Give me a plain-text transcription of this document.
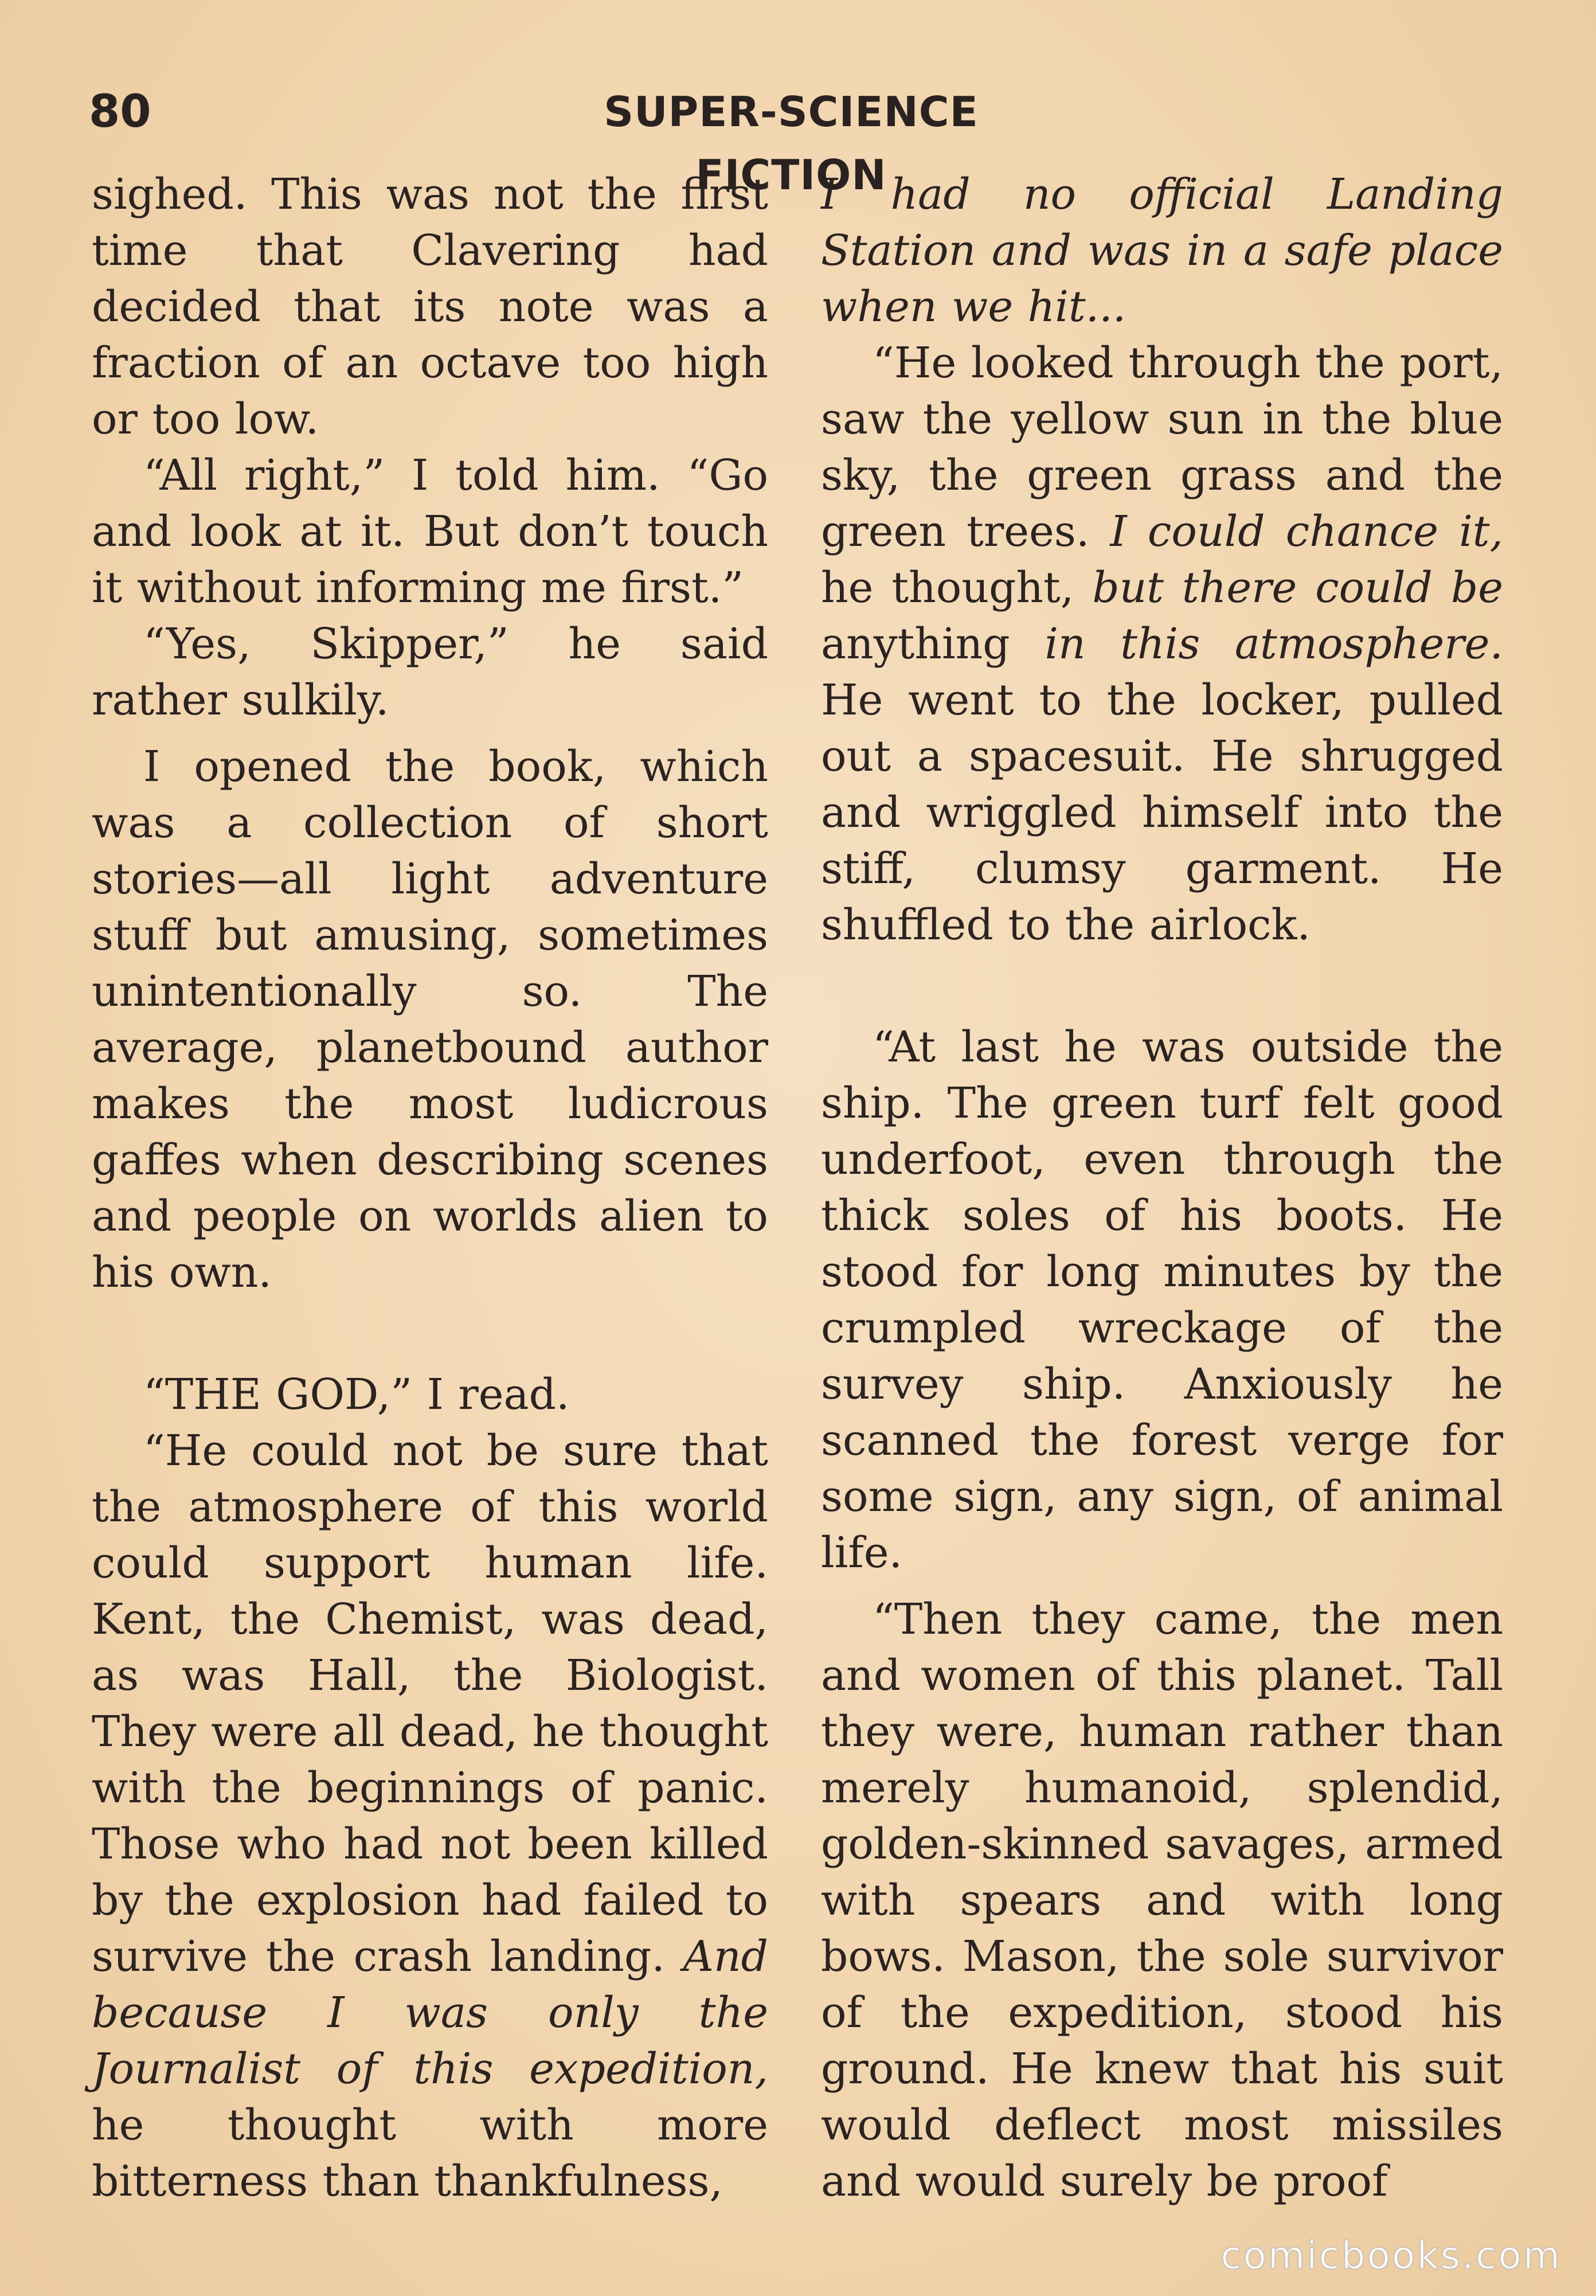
80	SUPER-SCIENCE FICTION

sighed. This was not the first time that Clavering had decided that its note was a fraction of an octave too high or too low.

“All right,” I told him. “Go and look at it. But don’t touch it without informing me first.”

“Yes, Skipper,” he said rather sulkily.

I opened the book, which was a collection of short stories—all light adventure stuff but amusing, sometimes unintentionally so. The average, planetbound author makes the most ludicrous gaffes when describing scenes and people on worlds alien to his own.

“THE GOD,” I read.

“He could not be sure that the atmosphere of this world could support human life. Kent, the Chemist, was dead, as was Hall, the Biologist. They were all dead, he thought with the beginnings of panic. Those who had not been killed by the explosion had failed to survive the crash landing. And because I was only the Journalist of this expedition, he thought with more bitterness than thankfulness,

I had no official Landing Station and was in a safe place when we hit...

“He looked through the port, saw the yellow sun in the blue sky, the green grass and the green trees. I could chance it, he thought, but there could be anything in this atmosphere. He went to the locker, pulled out a spacesuit. He shrugged and wriggled himself into the stiff, clumsy garment. He shuffled to the airlock.

“At last he was outside the ship. The green turf felt good underfoot, even through the thick soles of his boots. He stood for long minutes by the crumpled wreckage of the survey ship. Anxiously he scanned the forest verge for some sign, any sign, of animal life.

“Then they came, the men and women of this planet. Tall they were, human rather than merely humanoid, splendid, golden-skinned savages, armed with spears and with long bows. Mason, the sole survivor of the expedition, stood his ground. He knew that his suit would deflect most missiles and would surely be proof

comicbooks.com
